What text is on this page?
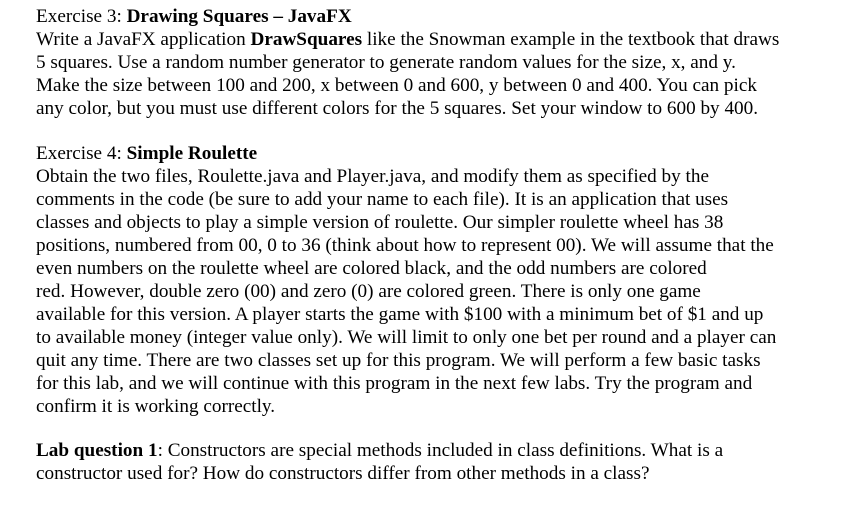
Exercise 3: Drawing Squares – JavaFX
Write a JavaFX application DrawSquares like the Snowman example in the textbook that draws
5 squares. Use a random number generator to generate random values for the size, x, and y.
Make the size between 100 and 200, x between 0 and 600, y between 0 and 400. You can pick
any color, but you must use different colors for the 5 squares. Set your window to 600 by 400.
Exercise 4: Simple Roulette
Obtain the two files, Roulette.java and Player.java, and modify them as specified by the
comments in the code (be sure to add your name to each file). It is an application that uses
classes and objects to play a simple version of roulette. Our simpler roulette wheel has 38
positions, numbered from 00, 0 to 36 (think about how to represent 00). We will assume that the
even numbers on the roulette wheel are colored black, and the odd numbers are colored
red. However, double zero (00) and zero (0) are colored green. There is only one game
available for this version. A player starts the game with $100 with a minimum bet of $1 and up
to available money (integer value only). We will limit to only one bet per round and a player can
quit any time. There are two classes set up for this program. We will perform a few basic tasks
for this lab, and we will continue with this program in the next few labs. Try the program and
confirm it is working correctly.
Lab question 1: Constructors are special methods included in class definitions. What is a
constructor used for? How do constructors differ from other methods in a class?
